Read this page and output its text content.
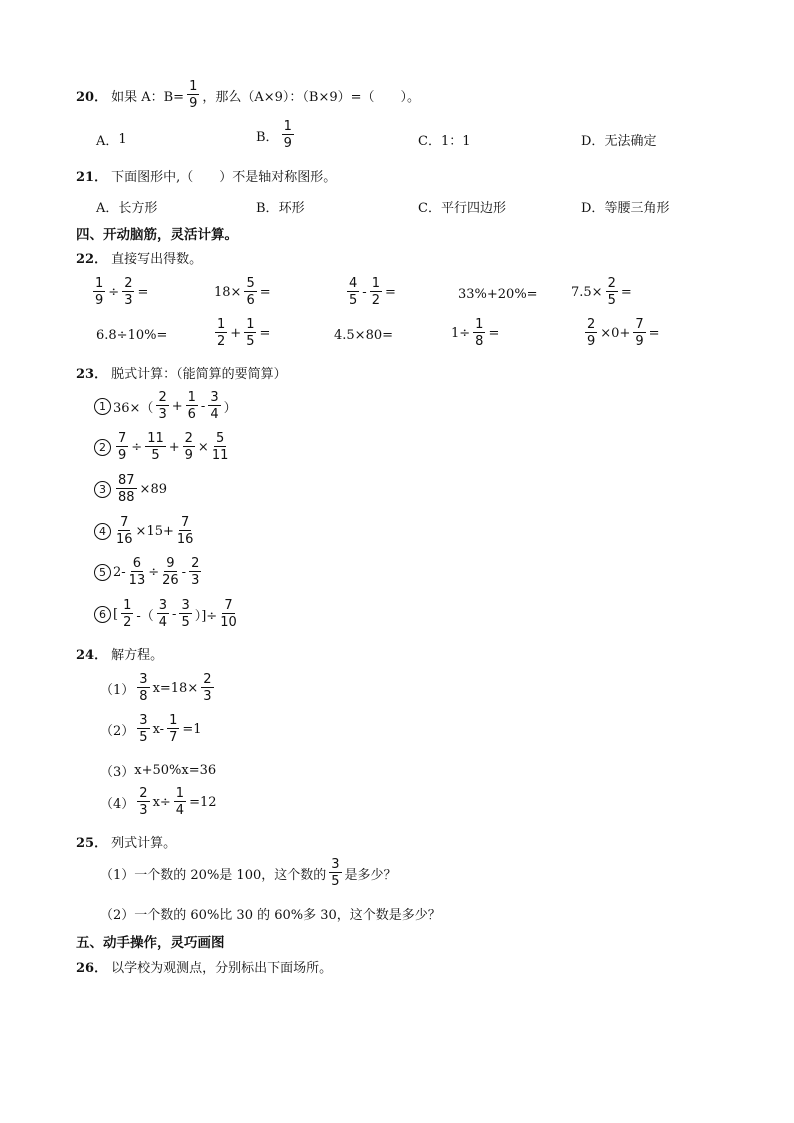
20． 如果 A：$B= \frac{1}{9}$ ，那么（A×9）：（B×9）=（　　）。
A． 1	B． $\frac{1}{9}$	C． 1：1	D． 无法确定
21． 下面图形中,（　　）不是轴对称图形。
A． 长方形	B． 环形	C． 平行四边形	D． 等腰三角形
四、开动脑筋，灵活计算。
22． 直接写出得数。
$\frac{1}{9} \div \frac{2}{3}$ =	$18\times \frac{5}{6}$ =	$\frac{4}{5} - \frac{1}{2}$ =	33%+20%=	$7.5\times \frac{2}{5}$ =
6.8÷10%=	$\frac{1}{2} + \frac{1}{5}$ =	4.5×80=	$1\div \frac{1}{8}$ =	$\frac{2}{9} \times 0+ \frac{7}{9}$ =
23． 脱式计算：（能简算的要简算）
1 $36\times( \frac{2}{3} + \frac{1}{6} - \frac{3}{4}$ ）
$2 \frac{7}{9} \div \frac{11}{5} + \frac{2}{9} \times \frac{5}{11}$
$3 \frac{87}{88} \times 89$
$4 \frac{7}{16} \times 15+ \frac{7}{16}$
5 $2- \frac{6}{13} \div \frac{9}{26} - \frac{2}{3}$
6 [ $\frac{1}{2}$ -（ $\frac{3}{4} - \frac{3}{5}$ ）]÷ $\frac{7}{10}$
24． 解方程。
$(1) \frac{3}{8} x=18\times \frac{2}{3}$
$(2) \frac{3}{5} x- \frac{1}{7} =1$
（3） x+50%x=36
$(4) \frac{2}{3} x\div \frac{1}{4} =12$
25． 列式计算。
（1）一个数的 20%是 100，这个数的 $\frac{3}{5}$ 是多少？
（2）一个数的 60%比 30 的 60%多 30，这个数是多少？
五、动手操作，灵巧画图
26． 以学校为观测点，分别标出下面场所。
